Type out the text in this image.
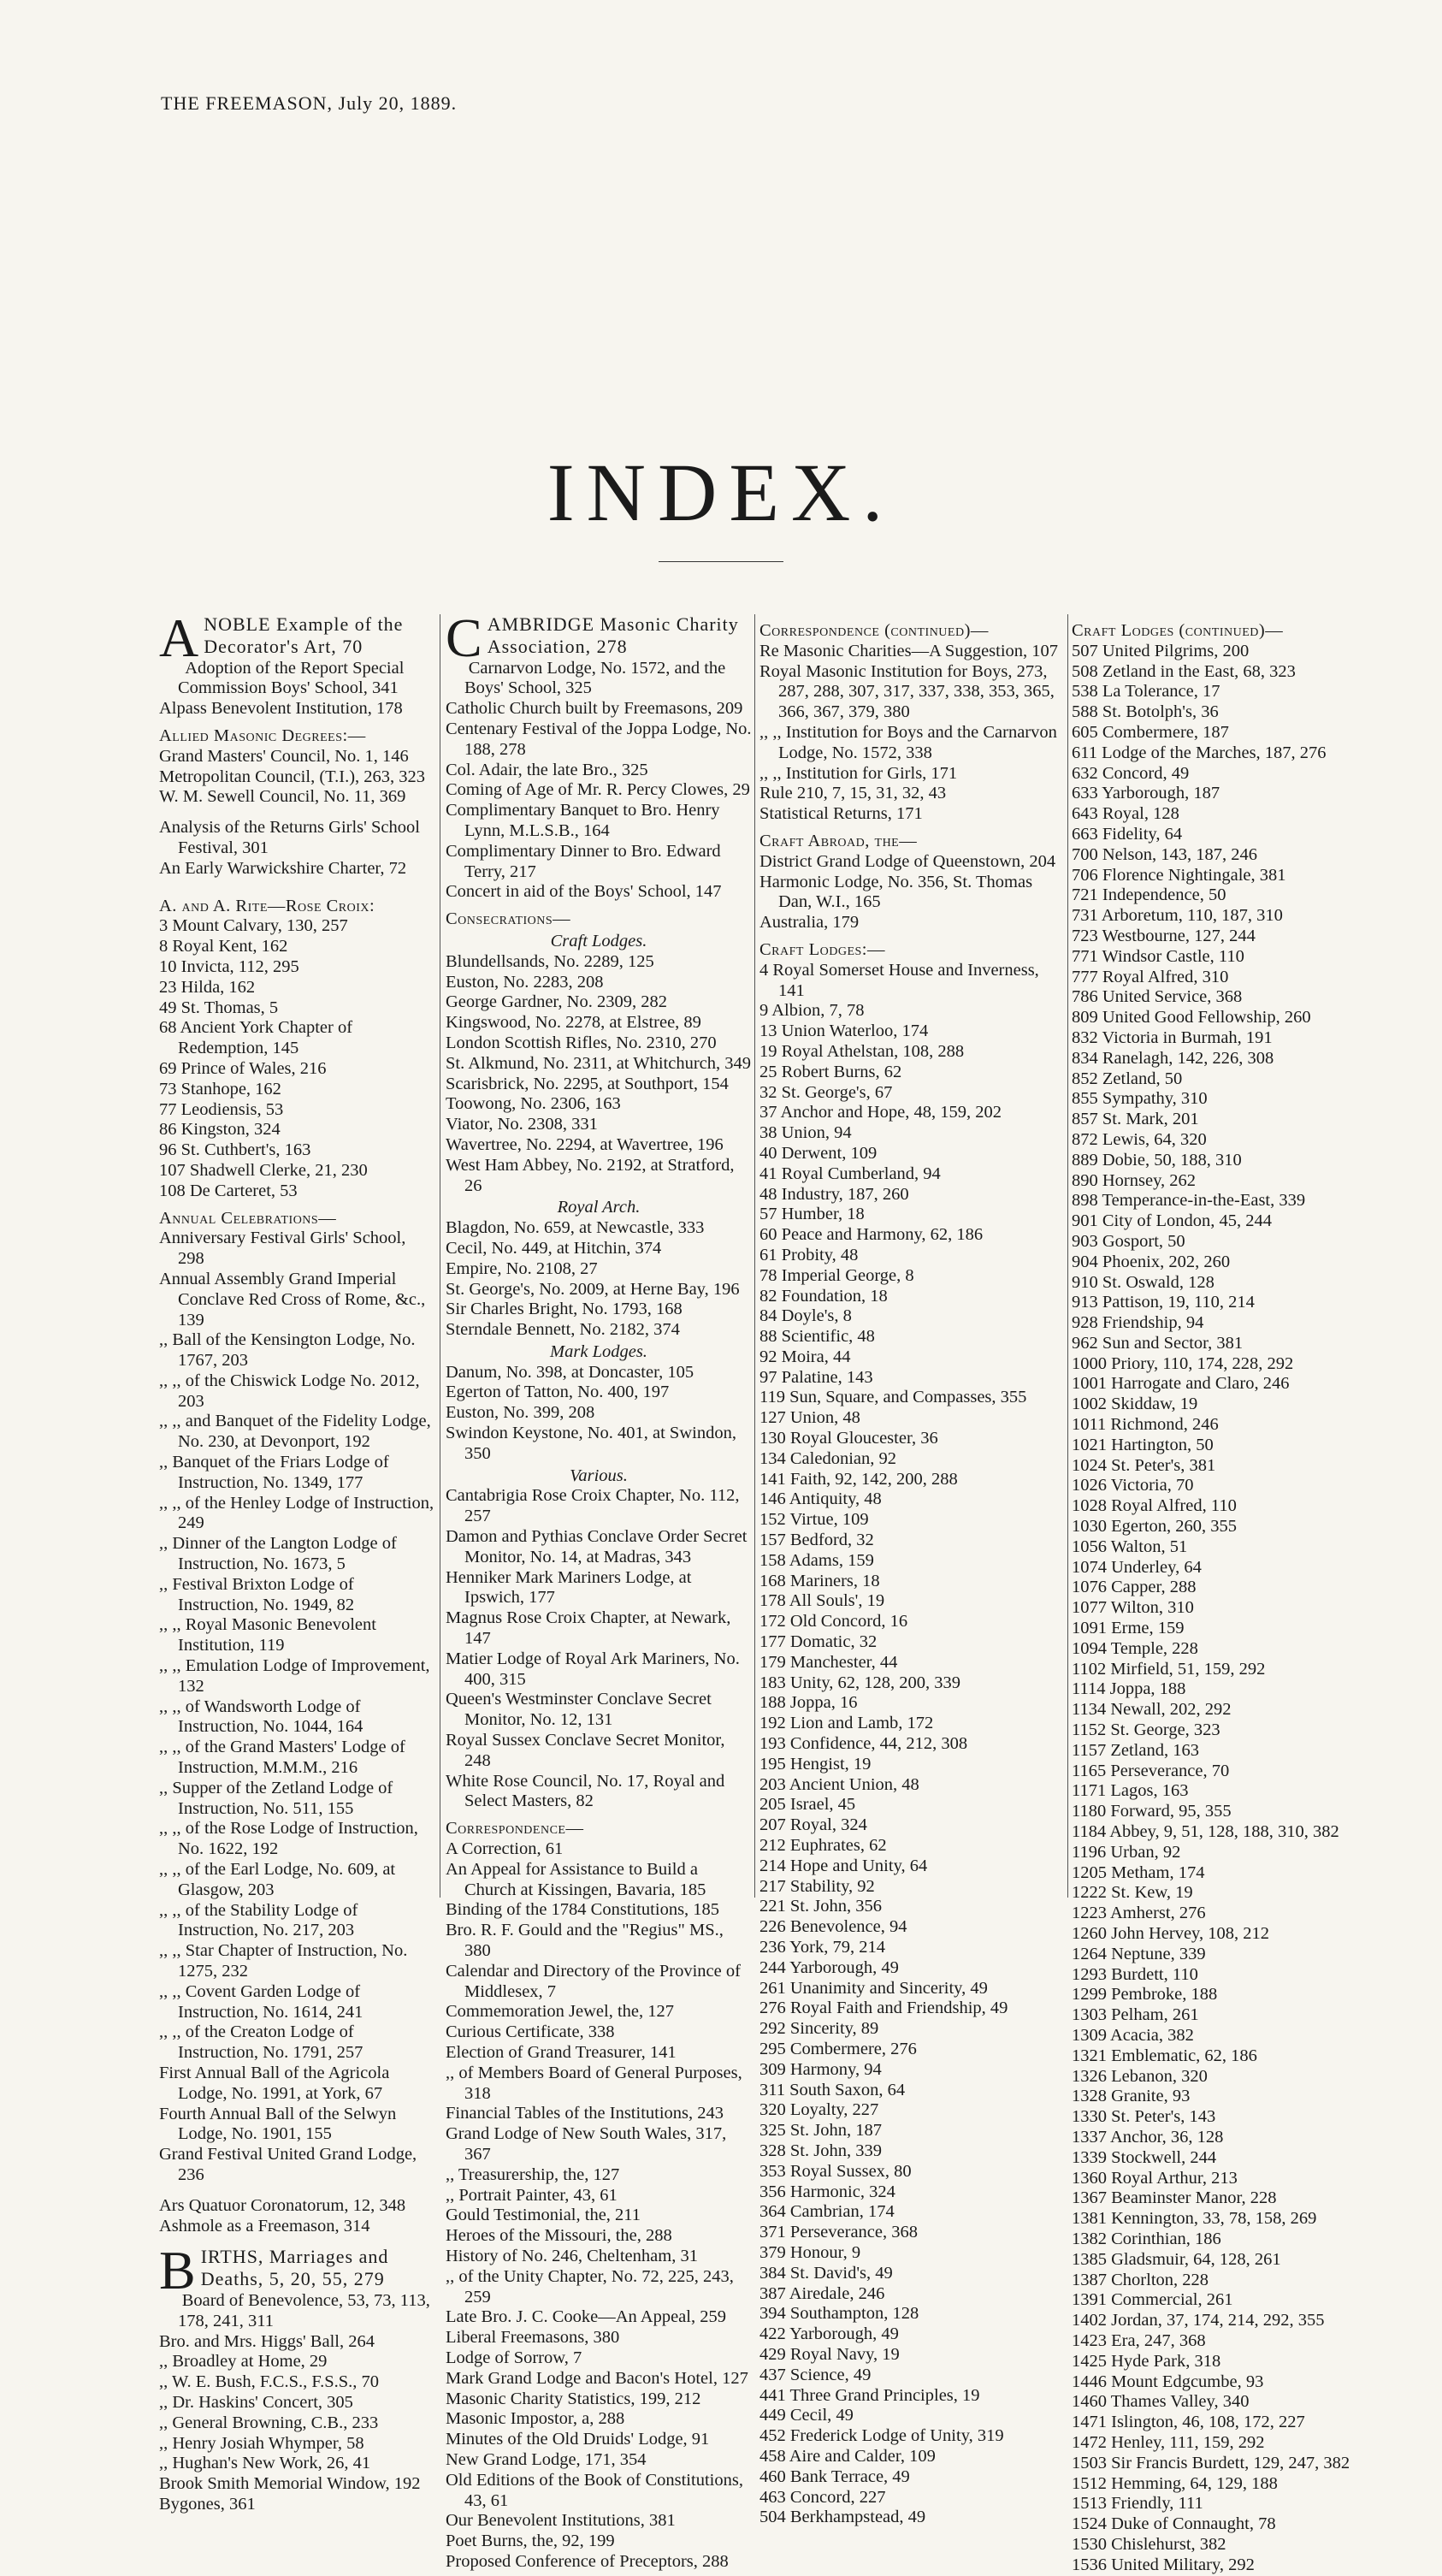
THE FREEMASON, July 20, 1889.
INDEX.

ANOBLE Example of the Decorator's Art, 70

Adoption of the Report Special Commission Boys' School, 341

Alpass Benevolent Institution, 178

Allied Masonic Degrees:—

Grand Masters' Council, No. 1, 146

Metropolitan Council, (T.I.), 263, 323

W. M. Sewell Council, No. 11, 369

Analysis of the Returns Girls' School Festival, 301

An Early Warwickshire Charter, 72

A. and A. Rite—Rose Croix:

3 Mount Calvary, 130, 257

8 Royal Kent, 162

10 Invicta, 112, 295

23 Hilda, 162

49 St. Thomas, 5

68 Ancient York Chapter of Redemption, 145

69 Prince of Wales, 216

73 Stanhope, 162

77 Leodiensis, 53

86 Kingston, 324

96 St. Cuthbert's, 163

107 Shadwell Clerke, 21, 230

108 De Carteret, 53

Annual Celebrations—

Anniversary Festival Girls' School, 298

Annual Assembly Grand Imperial Conclave Red Cross of Rome, &c., 139

,, Ball of the Kensington Lodge, No. 1767, 203

,, ,, of the Chiswick Lodge No. 2012, 203

,, ,, and Banquet of the Fidelity Lodge, No. 230, at Devonport, 192

,, Banquet of the Friars Lodge of Instruction, No. 1349, 177

,, ,, of the Henley Lodge of Instruction, 249

,, Dinner of the Langton Lodge of Instruction, No. 1673, 5

,, Festival Brixton Lodge of Instruction, No. 1949, 82

,, ,, Royal Masonic Benevolent Institution, 119

,, ,, Emulation Lodge of Improvement, 132

,, ,, of Wandsworth Lodge of Instruction, No. 1044, 164

,, ,, of the Grand Masters' Lodge of Instruction, M.M.M., 216

,, Supper of the Zetland Lodge of Instruction, No. 511, 155

,, ,, of the Rose Lodge of Instruction, No. 1622, 192

,, ,, of the Earl Lodge, No. 609, at Glasgow, 203

,, ,, of the Stability Lodge of Instruction, No. 217, 203

,, ,, Star Chapter of Instruction, No. 1275, 232

,, ,, Covent Garden Lodge of Instruction, No. 1614, 241

,, ,, of the Creaton Lodge of Instruction, No. 1791, 257

First Annual Ball of the Agricola Lodge, No. 1991, at York, 67

Fourth Annual Ball of the Selwyn Lodge, No. 1901, 155

Grand Festival United Grand Lodge, 236

Ars Quatuor Coronatorum, 12, 348

Ashmole as a Freemason, 314

BIRTHS, Marriages and Deaths, 5, 20, 55, 279

Board of Benevolence, 53, 73, 113, 178, 241, 311

Bro. and Mrs. Higgs' Ball, 264

,, Broadley at Home, 29

,, W. E. Bush, F.C.S., F.S.S., 70

,, Dr. Haskins' Concert, 305

,, General Browning, C.B., 233

,, Henry Josiah Whymper, 58

,, Hughan's New Work, 26, 41

Brook Smith Memorial Window, 192

Bygones, 361

CAMBRIDGE Masonic Charity Association, 278

Carnarvon Lodge, No. 1572, and the Boys' School, 325

Catholic Church built by Freemasons, 209

Centenary Festival of the Joppa Lodge, No. 188, 278

Col. Adair, the late Bro., 325

Coming of Age of Mr. R. Percy Clowes, 29

Complimentary Banquet to Bro. Henry Lynn, M.L.S.B., 164

Complimentary Dinner to Bro. Edward Terry, 217

Concert in aid of the Boys' School, 147

Consecrations—

Craft Lodges.

Blundellsands, No. 2289, 125

Euston, No. 2283, 208

George Gardner, No. 2309, 282

Kingswood, No. 2278, at Elstree, 89

London Scottish Rifles, No. 2310, 270

St. Alkmund, No. 2311, at Whitchurch, 349

Scarisbrick, No. 2295, at Southport, 154

Toowong, No. 2306, 163

Viator, No. 2308, 331

Wavertree, No. 2294, at Wavertree, 196

West Ham Abbey, No. 2192, at Stratford, 26

Royal Arch.

Blagdon, No. 659, at Newcastle, 333

Cecil, No. 449, at Hitchin, 374

Empire, No. 2108, 27

St. George's, No. 2009, at Herne Bay, 196

Sir Charles Bright, No. 1793, 168

Sterndale Bennett, No. 2182, 374

Mark Lodges.

Danum, No. 398, at Doncaster, 105

Egerton of Tatton, No. 400, 197

Euston, No. 399, 208

Swindon Keystone, No. 401, at Swindon, 350

Various.

Cantabrigia Rose Croix Chapter, No. 112, 257

Damon and Pythias Conclave Order Secret Monitor, No. 14, at Madras, 343

Henniker Mark Mariners Lodge, at Ipswich, 177

Magnus Rose Croix Chapter, at Newark, 147

Matier Lodge of Royal Ark Mariners, No. 400, 315

Queen's Westminster Conclave Secret Monitor, No. 12, 131

Royal Sussex Conclave Secret Monitor, 248

White Rose Council, No. 17, Royal and Select Masters, 82

Correspondence—

A Correction, 61

An Appeal for Assistance to Build a Church at Kissingen, Bavaria, 185

Binding of the 1784 Constitutions, 185

Bro. R. F. Gould and the "Regius" MS., 380

Calendar and Directory of the Province of Middlesex, 7

Commemoration Jewel, the, 127

Curious Certificate, 338

Election of Grand Treasurer, 141

,, of Members Board of General Purposes, 318

Financial Tables of the Institutions, 243

Grand Lodge of New South Wales, 317, 367

,, Treasurership, the, 127

,, Portrait Painter, 43, 61

Gould Testimonial, the, 211

Heroes of the Missouri, the, 288

History of No. 246, Cheltenham, 31

,, of the Unity Chapter, No. 72, 225, 243, 259

Late Bro. J. C. Cooke—An Appeal, 259

Liberal Freemasons, 380

Lodge of Sorrow, 7

Mark Grand Lodge and Bacon's Hotel, 127

Masonic Charity Statistics, 199, 212

Masonic Impostor, a, 288

Minutes of the Old Druids' Lodge, 91

New Grand Lodge, 171, 354

Old Editions of the Book of Constitutions, 43, 61

Our Benevolent Institutions, 381

Poet Burns, the, 92, 199

Proposed Conference of Preceptors, 288

Correspondence (continued)—

Re Masonic Charities—A Suggestion, 107

Royal Masonic Institution for Boys, 273, 287, 288, 307, 317, 337, 338, 353, 365, 366, 367, 379, 380

,, ,, Institution for Boys and the Carnarvon Lodge, No. 1572, 338

,, ,, Institution for Girls, 171

Rule 210, 7, 15, 31, 32, 43

Statistical Returns, 171

Craft Abroad, the—

District Grand Lodge of Queenstown, 204

Harmonic Lodge, No. 356, St. Thomas Dan, W.I., 165

Australia, 179

Craft Lodges:—

4 Royal Somerset House and Inverness, 141

9 Albion, 7, 78

13 Union Waterloo, 174

19 Royal Athelstan, 108, 288

25 Robert Burns, 62

32 St. George's, 67

37 Anchor and Hope, 48, 159, 202

38 Union, 94

40 Derwent, 109

41 Royal Cumberland, 94

48 Industry, 187, 260

57 Humber, 18

60 Peace and Harmony, 62, 186

61 Probity, 48

78 Imperial George, 8

82 Foundation, 18

84 Doyle's, 8

88 Scientific, 48

92 Moira, 44

97 Palatine, 143

119 Sun, Square, and Compasses, 355

127 Union, 48

130 Royal Gloucester, 36

134 Caledonian, 92

141 Faith, 92, 142, 200, 288

146 Antiquity, 48

152 Virtue, 109

157 Bedford, 32

158 Adams, 159

168 Mariners, 18

178 All Souls', 19

172 Old Concord, 16

177 Domatic, 32

179 Manchester, 44

183 Unity, 62, 128, 200, 339

188 Joppa, 16

192 Lion and Lamb, 172

193 Confidence, 44, 212, 308

195 Hengist, 19

203 Ancient Union, 48

205 Israel, 45

207 Royal, 324

212 Euphrates, 62

214 Hope and Unity, 64

217 Stability, 92

221 St. John, 356

226 Benevolence, 94

236 York, 79, 214

244 Yarborough, 49

261 Unanimity and Sincerity, 49

276 Royal Faith and Friendship, 49

292 Sincerity, 89

295 Combermere, 276

309 Harmony, 94

311 South Saxon, 64

320 Loyalty, 227

325 St. John, 187

328 St. John, 339

353 Royal Sussex, 80

356 Harmonic, 324

364 Cambrian, 174

371 Perseverance, 368

379 Honour, 9

384 St. David's, 49

387 Airedale, 246

394 Southampton, 128

422 Yarborough, 49

429 Royal Navy, 19

437 Science, 49

441 Three Grand Principles, 19

449 Cecil, 49

452 Frederick Lodge of Unity, 319

458 Aire and Calder, 109

460 Bank Terrace, 49

463 Concord, 227

504 Berkhampstead, 49

Craft Lodges (continued)—

507 United Pilgrims, 200

508 Zetland in the East, 68, 323

538 La Tolerance, 17

588 St. Botolph's, 36

605 Combermere, 187

611 Lodge of the Marches, 187, 276

632 Concord, 49

633 Yarborough, 187

643 Royal, 128

663 Fidelity, 64

700 Nelson, 143, 187, 246

706 Florence Nightingale, 381

721 Independence, 50

731 Arboretum, 110, 187, 310

723 Westbourne, 127, 244

771 Windsor Castle, 110

777 Royal Alfred, 310

786 United Service, 368

809 United Good Fellowship, 260

832 Victoria in Burmah, 191

834 Ranelagh, 142, 226, 308

852 Zetland, 50

855 Sympathy, 310

857 St. Mark, 201

872 Lewis, 64, 320

889 Dobie, 50, 188, 310

890 Hornsey, 262

898 Temperance-in-the-East, 339

901 City of London, 45, 244

903 Gosport, 50

904 Phoenix, 202, 260

910 St. Oswald, 128

913 Pattison, 19, 110, 214

928 Friendship, 94

962 Sun and Sector, 381

1000 Priory, 110, 174, 228, 292

1001 Harrogate and Claro, 246

1002 Skiddaw, 19

1011 Richmond, 246

1021 Hartington, 50

1024 St. Peter's, 381

1026 Victoria, 70

1028 Royal Alfred, 110

1030 Egerton, 260, 355

1056 Walton, 51

1074 Underley, 64

1076 Capper, 288

1077 Wilton, 310

1091 Erme, 159

1094 Temple, 228

1102 Mirfield, 51, 159, 292

1114 Joppa, 188

1134 Newall, 202, 292

1152 St. George, 323

1157 Zetland, 163

1165 Perseverance, 70

1171 Lagos, 163

1180 Forward, 95, 355

1184 Abbey, 9, 51, 128, 188, 310, 382

1196 Urban, 92

1205 Metham, 174

1222 St. Kew, 19

1223 Amherst, 276

1260 John Hervey, 108, 212

1264 Neptune, 339

1293 Burdett, 110

1299 Pembroke, 188

1303 Pelham, 261

1309 Acacia, 382

1321 Emblematic, 62, 186

1326 Lebanon, 320

1328 Granite, 93

1330 St. Peter's, 143

1337 Anchor, 36, 128

1339 Stockwell, 244

1360 Royal Arthur, 213

1367 Beaminster Manor, 228

1381 Kennington, 33, 78, 158, 269

1382 Corinthian, 186

1385 Gladsmuir, 64, 128, 261

1387 Chorlton, 228

1391 Commercial, 261

1402 Jordan, 37, 174, 214, 292, 355

1423 Era, 247, 368

1425 Hyde Park, 318

1446 Mount Edgcumbe, 93

1460 Thames Valley, 340

1471 Islington, 46, 108, 172, 227

1472 Henley, 111, 159, 292

1503 Sir Francis Burdett, 129, 247, 382

1512 Hemming, 64, 129, 188

1513 Friendly, 111

1524 Duke of Connaught, 78

1530 Chislehurst, 382

1536 United Military, 292
